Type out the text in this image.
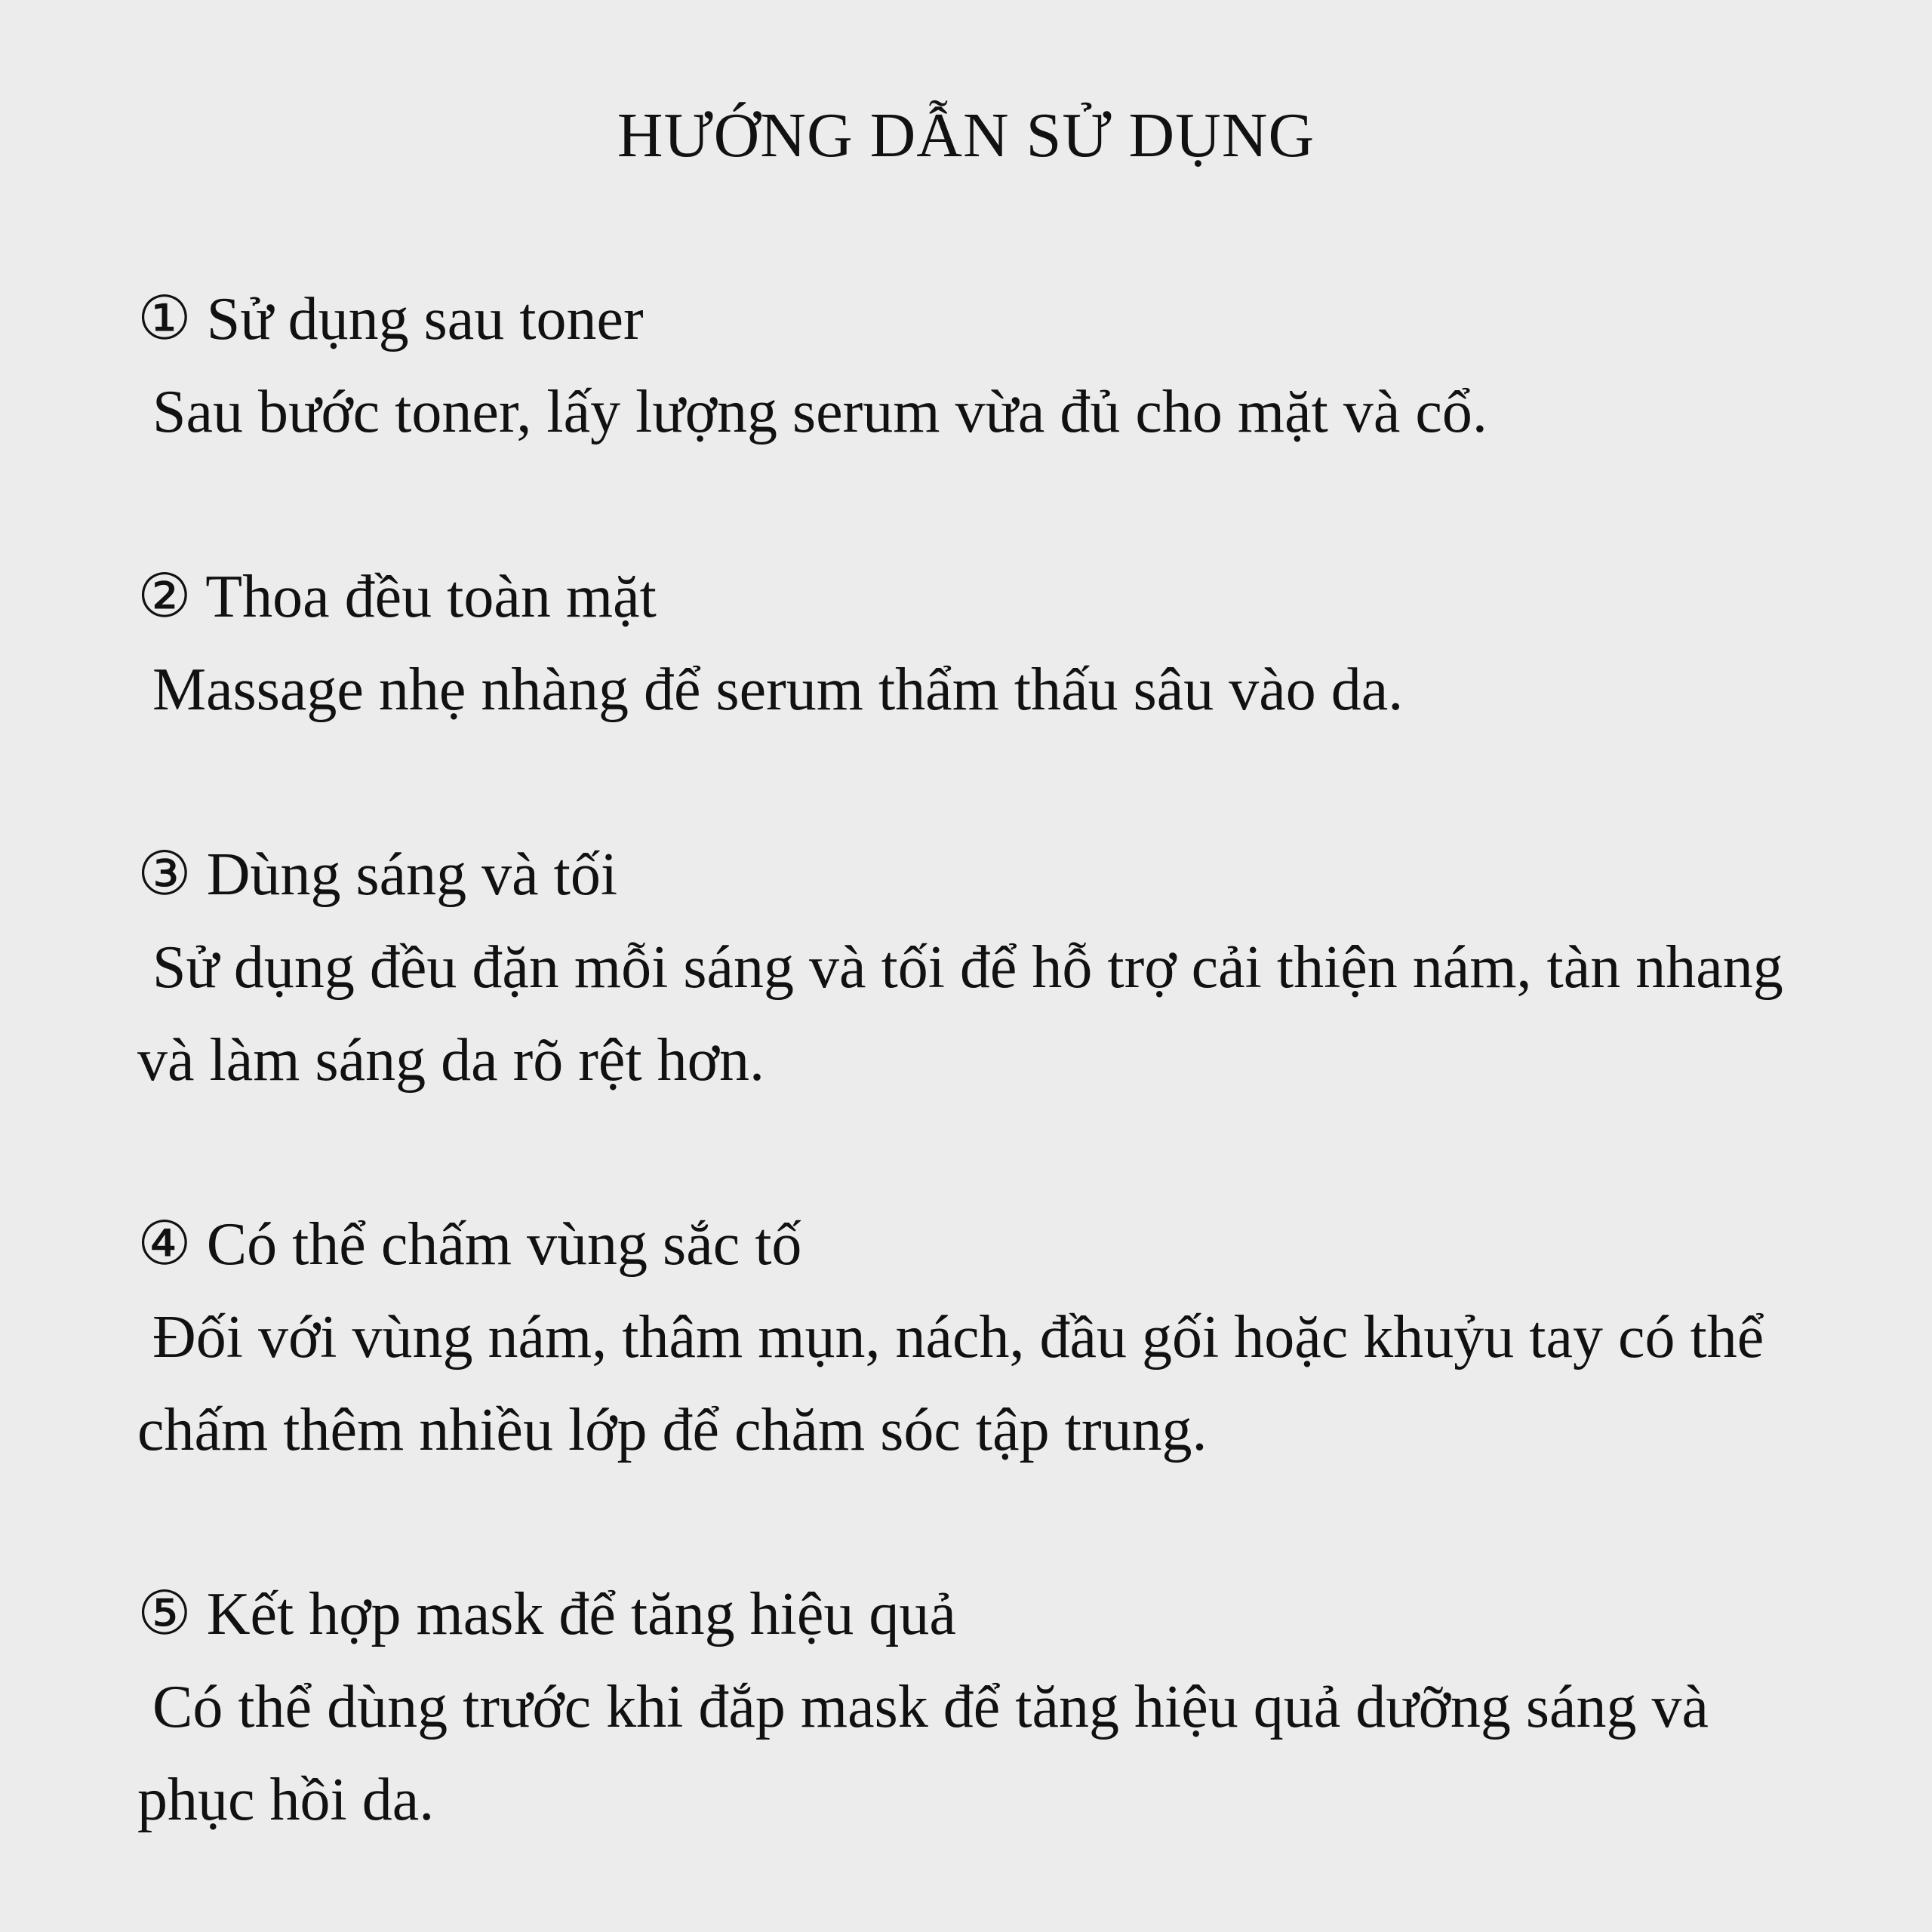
HƯỚNG DẪN SỬ DỤNG
① Sử dụng sau toner
Sau bước toner, lấy lượng serum vừa đủ cho mặt và cổ.
② Thoa đều toàn mặt
Massage nhẹ nhàng để serum thẩm thấu sâu vào da.
③ Dùng sáng và tối
Sử dụng đều đặn mỗi sáng và tối để hỗ trợ cải thiện nám, tàn nhang và làm sáng da rõ rệt hơn.
④ Có thể chấm vùng sắc tố
Đối với vùng nám, thâm mụn, nách, đầu gối hoặc khuỷu tay có thể chấm thêm nhiều lớp để chăm sóc tập trung.
⑤ Kết hợp mask để tăng hiệu quả
Có thể dùng trước khi đắp mask để tăng hiệu quả dưỡng sáng và phục hồi da.
